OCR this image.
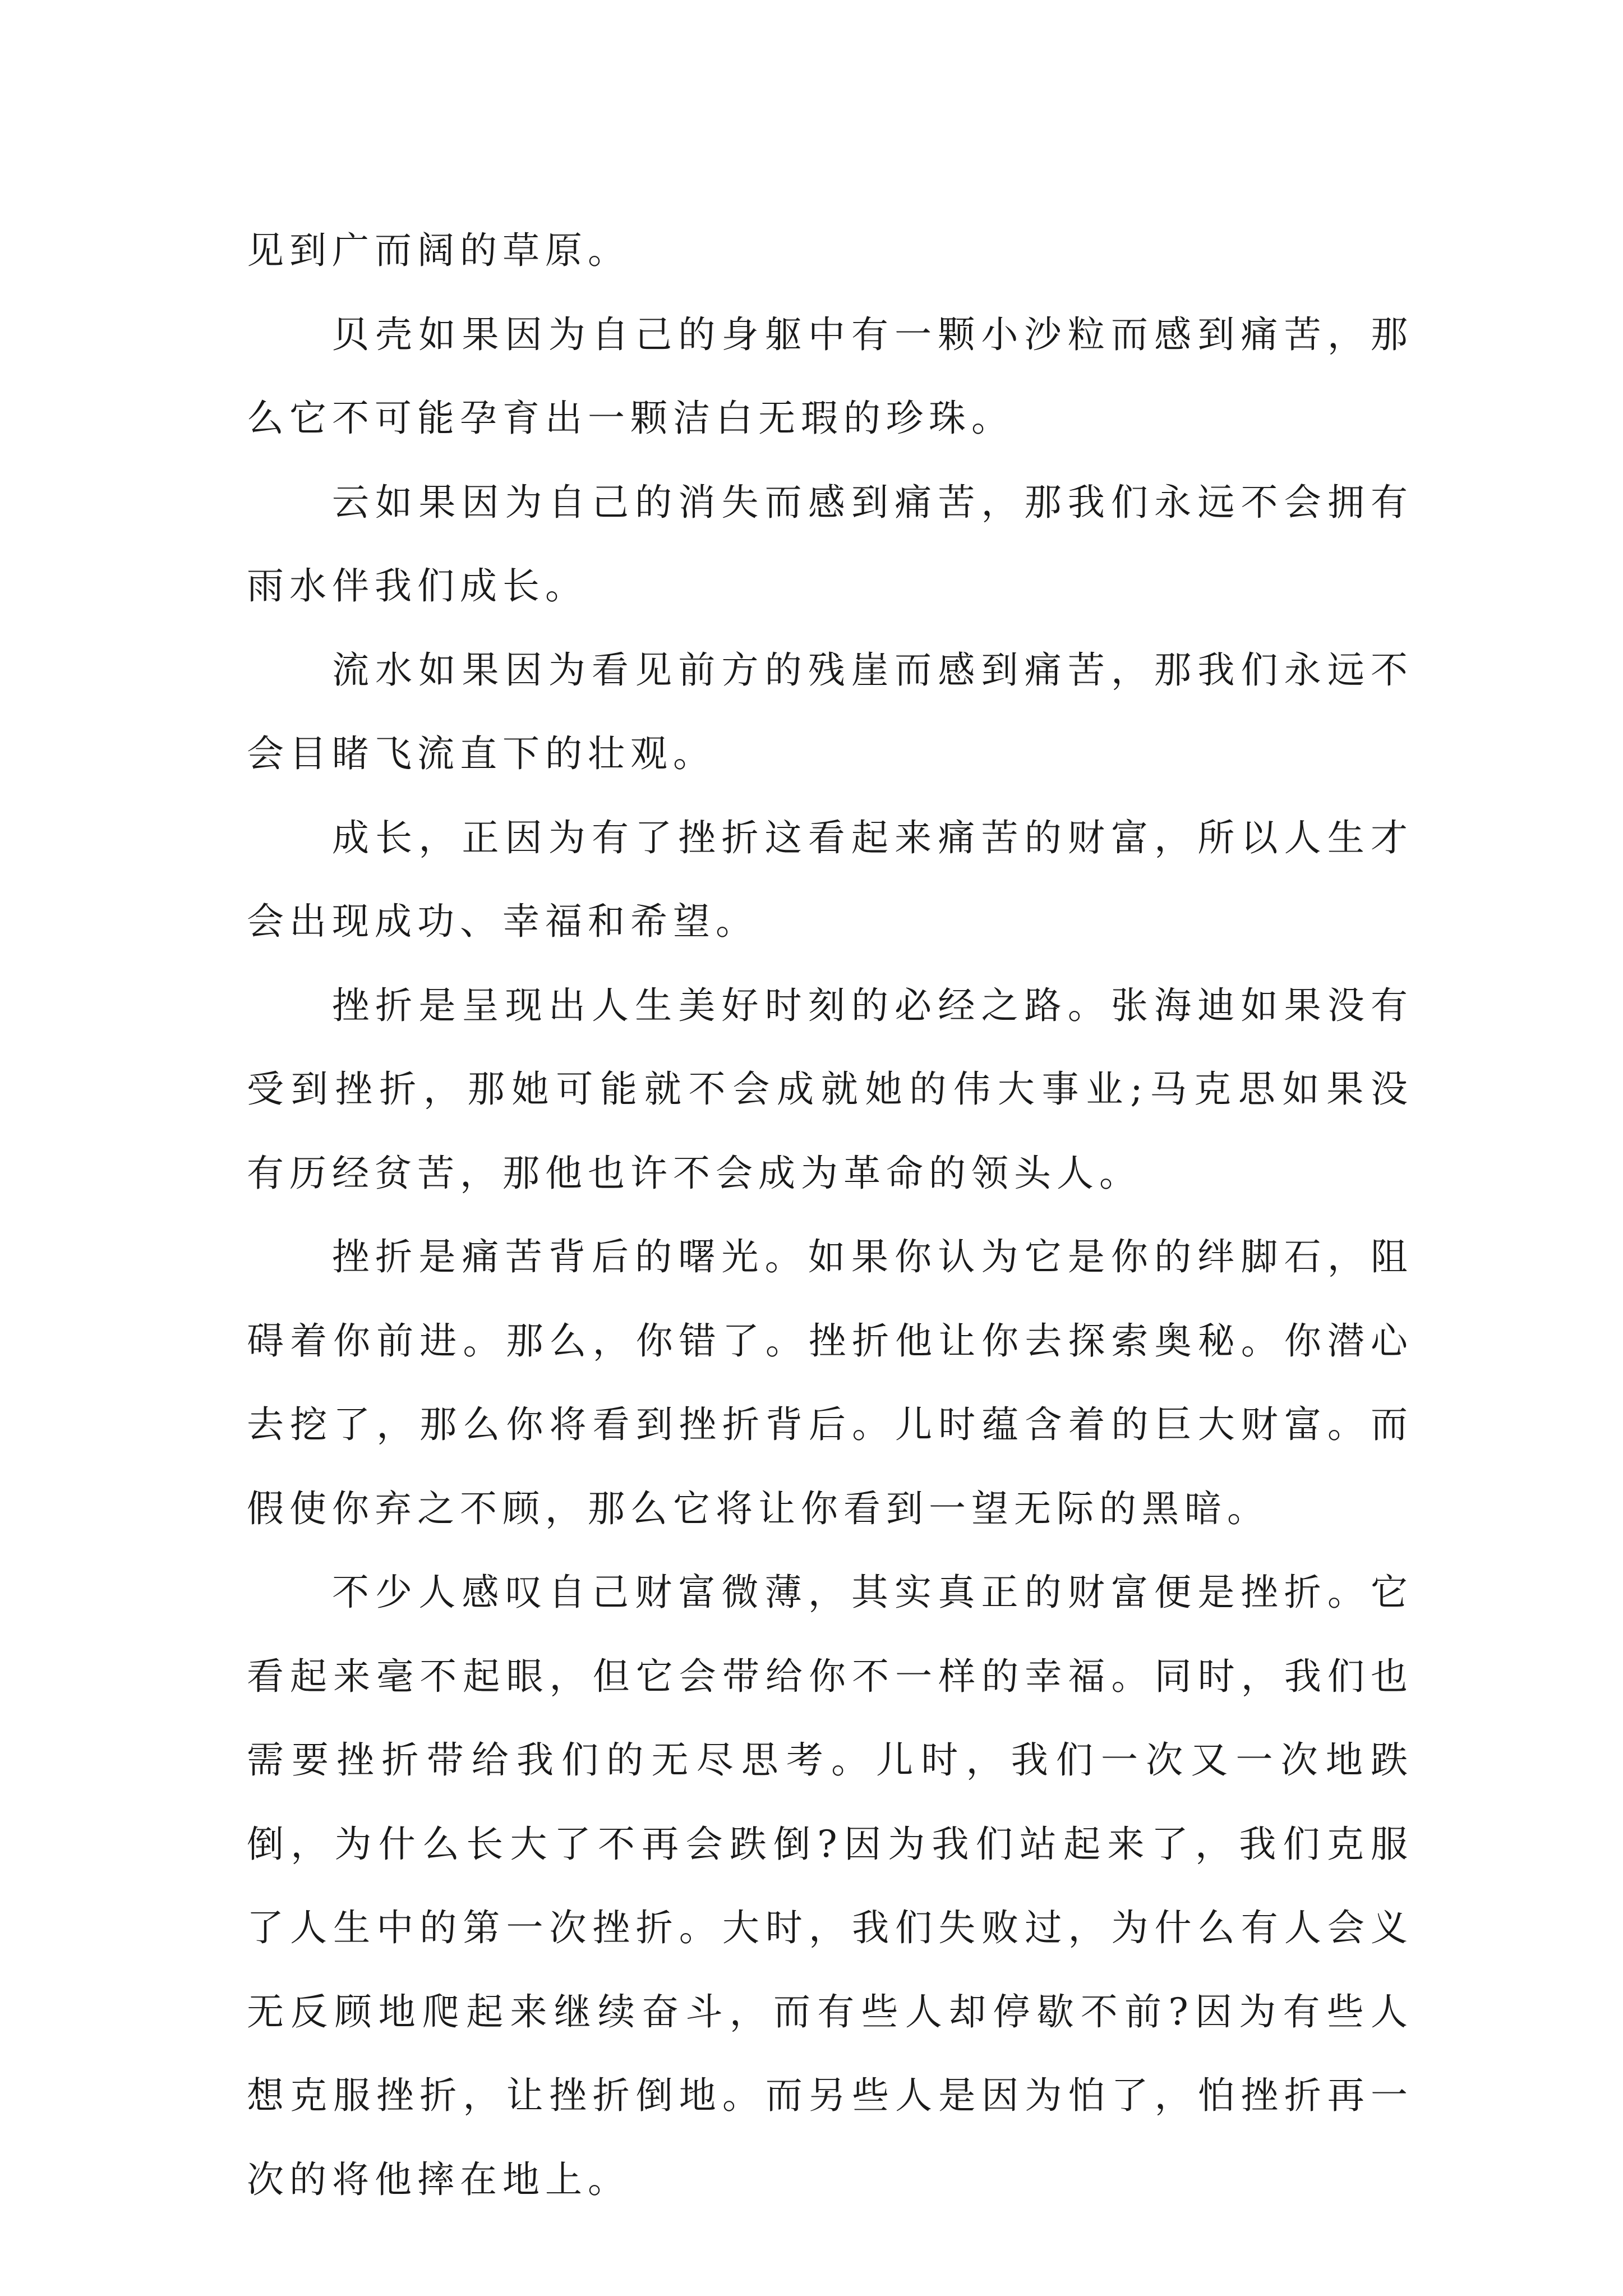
见到广而阔的草原。

贝壳如果因为自己的身躯中有一颗小沙粒而感到痛苦，那么它不可能孕育出一颗洁白无瑕的珍珠。

云如果因为自己的消失而感到痛苦，那我们永远不会拥有雨水伴我们成长。

流水如果因为看见前方的残崖而感到痛苦，那我们永远不会目睹飞流直下的壮观。

成长，正因为有了挫折这看起来痛苦的财富，所以人生才会出现成功、幸福和希望。

挫折是呈现出人生美好时刻的必经之路。张海迪如果没有受到挫折，那她可能就不会成就她的伟大事业;马克思如果没有历经贫苦，那他也许不会成为革命的领头人。

挫折是痛苦背后的曙光。如果你认为它是你的绊脚石，阻碍着你前进。那么，你错了。挫折他让你去探索奥秘。你潜心去挖了，那么你将看到挫折背后。儿时蕴含着的巨大财富。而假使你弃之不顾，那么它将让你看到一望无际的黑暗。

不少人感叹自己财富微薄，其实真正的财富便是挫折。它看起来毫不起眼，但它会带给你不一样的幸福。同时，我们也需要挫折带给我们的无尽思考。儿时，我们一次又一次地跌倒，为什么长大了不再会跌倒?因为我们站起来了，我们克服了人生中的第一次挫折。大时，我们失败过，为什么有人会义无反顾地爬起来继续奋斗，而有些人却停歇不前?因为有些人想克服挫折，让挫折倒地。而另些人是因为怕了，怕挫折再一次的将他摔在地上。
